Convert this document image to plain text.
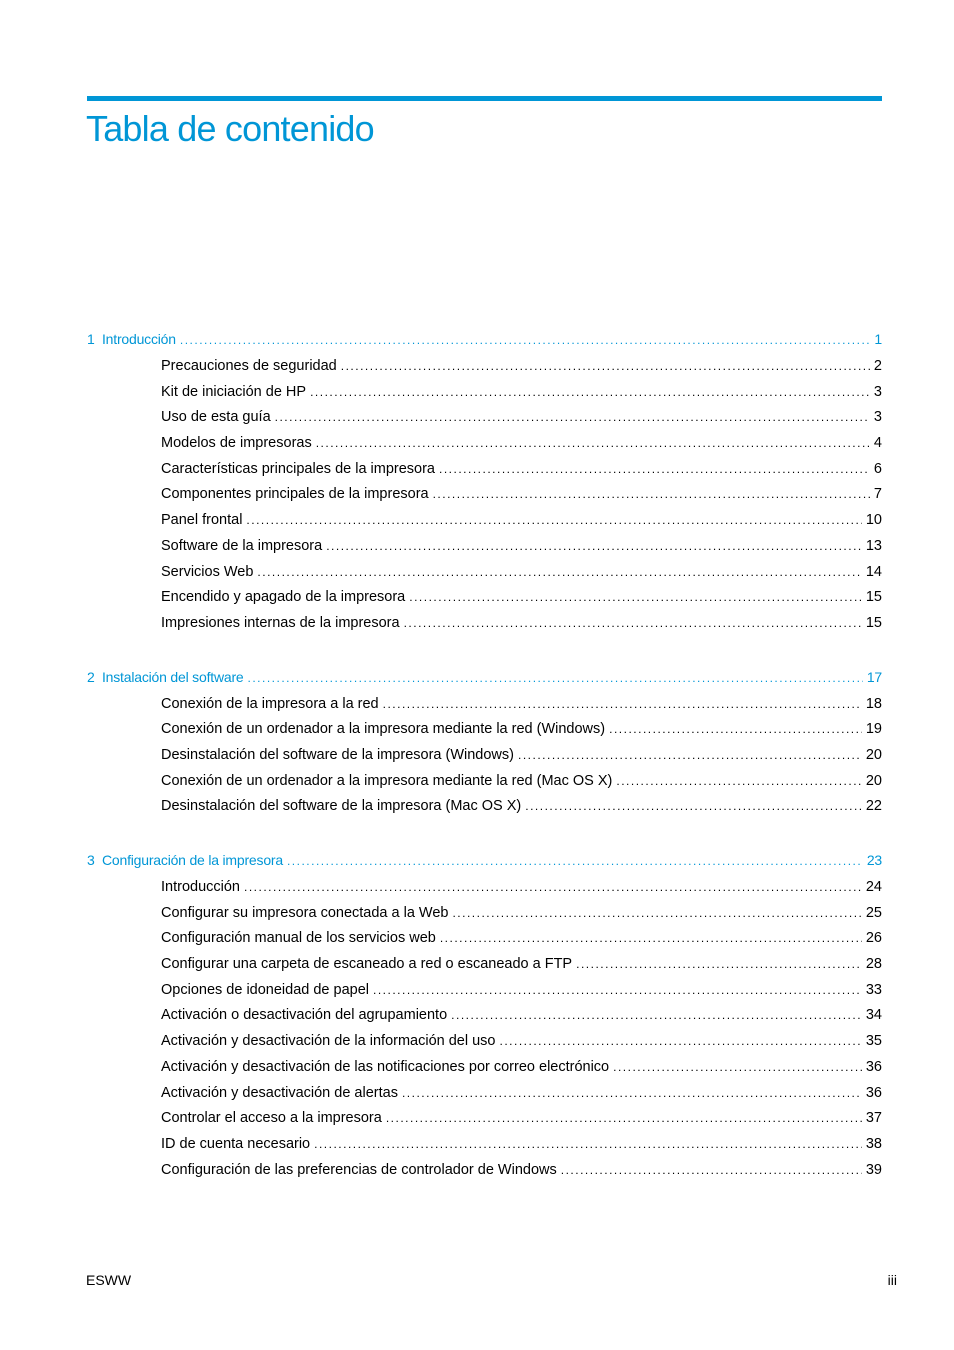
Tabla de contenido
1 Introducción .....	1
Precauciones de seguridad .....	2
Kit de iniciación de HP .....	3
Uso de esta guía .....	3
Modelos de impresoras .....	4
Características principales de la impresora .....	6
Componentes principales de la impresora .....	7
Panel frontal .....	10
Software de la impresora .....	13
Servicios Web .....	14
Encendido y apagado de la impresora .....	15
Impresiones internas de la impresora .....	15
2 Instalación del software .....	17
Conexión de la impresora a la red .....	18
Conexión de un ordenador a la impresora mediante la red (Windows) .....	19
Desinstalación del software de la impresora (Windows) .....	20
Conexión de un ordenador a la impresora mediante la red (Mac OS X) .....	20
Desinstalación del software de la impresora (Mac OS X) .....	22
3 Configuración de la impresora .....	23
Introducción .....	24
Configurar su impresora conectada a la Web .....	25
Configuración manual de los servicios web .....	26
Configurar una carpeta de escaneado a red o escaneado a FTP .....	28
Opciones de idoneidad de papel .....	33
Activación o desactivación del agrupamiento .....	34
Activación y desactivación de la información del uso .....	35
Activación y desactivación de las notificaciones por correo electrónico .....	36
Activación y desactivación de alertas .....	36
Controlar el acceso a la impresora .....	37
ID de cuenta necesario .....	38
Configuración de las preferencias de controlador de Windows .....	39

ESWW	iii
